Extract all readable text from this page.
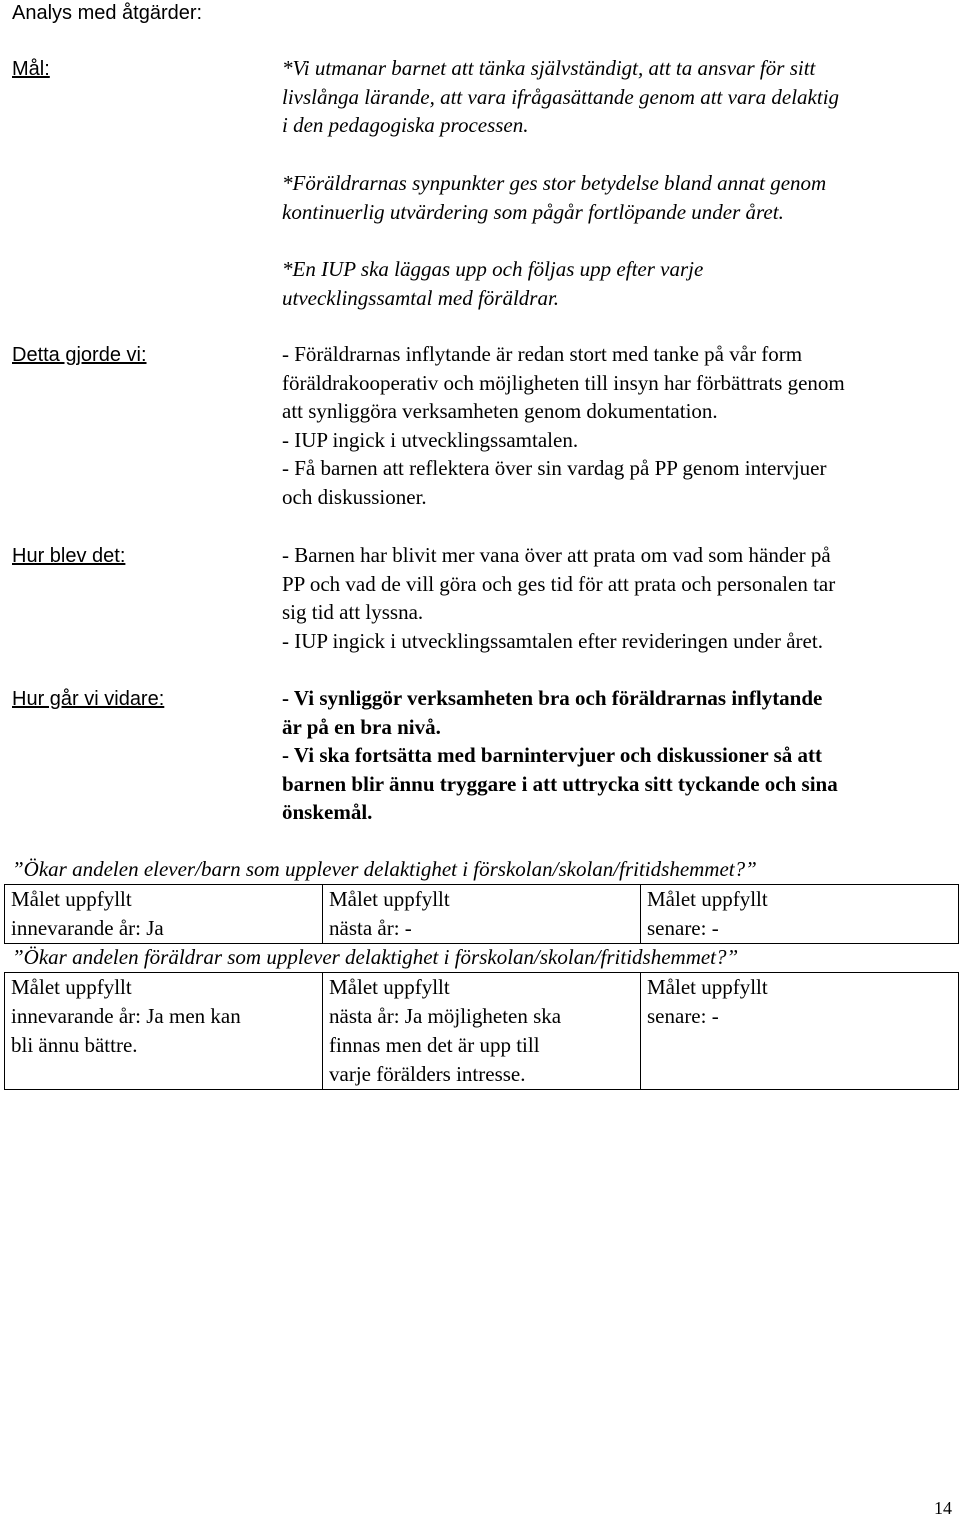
Analys med åtgärder:
Mål:	*Vi utmanar barnet att tänka självständigt, att ta ansvar för sitt
livslånga lärande, att vara ifrågasättande genom att vara delaktig
i den pedagogiska processen.
*Föräldrarnas synpunkter ges stor betydelse bland annat genom
kontinuerlig utvärdering som pågår fortlöpande under året.
*En IUP ska läggas upp och följas upp efter varje
utvecklingssamtal med föräldrar.
Detta gjorde vi:	- Föräldrarnas inflytande är redan stort med tanke på vår form
föräldrakooperativ och möjligheten till insyn har förbättrats genom
att synliggöra verksamheten genom dokumentation.
- IUP ingick i utvecklingssamtalen.
- Få barnen att reflektera över sin vardag på PP genom intervjuer
och diskussioner.
Hur blev det:	- Barnen har blivit mer vana över att prata om vad som händer på
PP och vad de vill göra och ges tid för att prata och personalen tar
sig tid att lyssna.
- IUP ingick i utvecklingssamtalen efter revideringen under året.
Hur går vi vidare:	- Vi synliggör verksamheten bra och föräldrarnas inflytande
är på en bra nivå.
- Vi ska fortsätta med barnintervjuer och diskussioner så att
barnen blir ännu tryggare i att uttrycka sitt tyckande och sina
önskemål.
”Ökar andelen elever/barn som upplever delaktighet i förskolan/skolan/fritidshemmet?”
Målet uppfyllt
innevarande år: Ja

Målet uppfyllt
nästa år: -

Målet uppfyllt
senare: -
”Ökar andelen föräldrar som upplever delaktighet i förskolan/skolan/fritidshemmet?”
Målet uppfyllt
innevarande år: Ja men kan
bli ännu bättre.

Målet uppfyllt
nästa år: Ja möjligheten ska
finnas men det är upp till
varje förälders intresse.

Målet uppfyllt
senare: -
14
